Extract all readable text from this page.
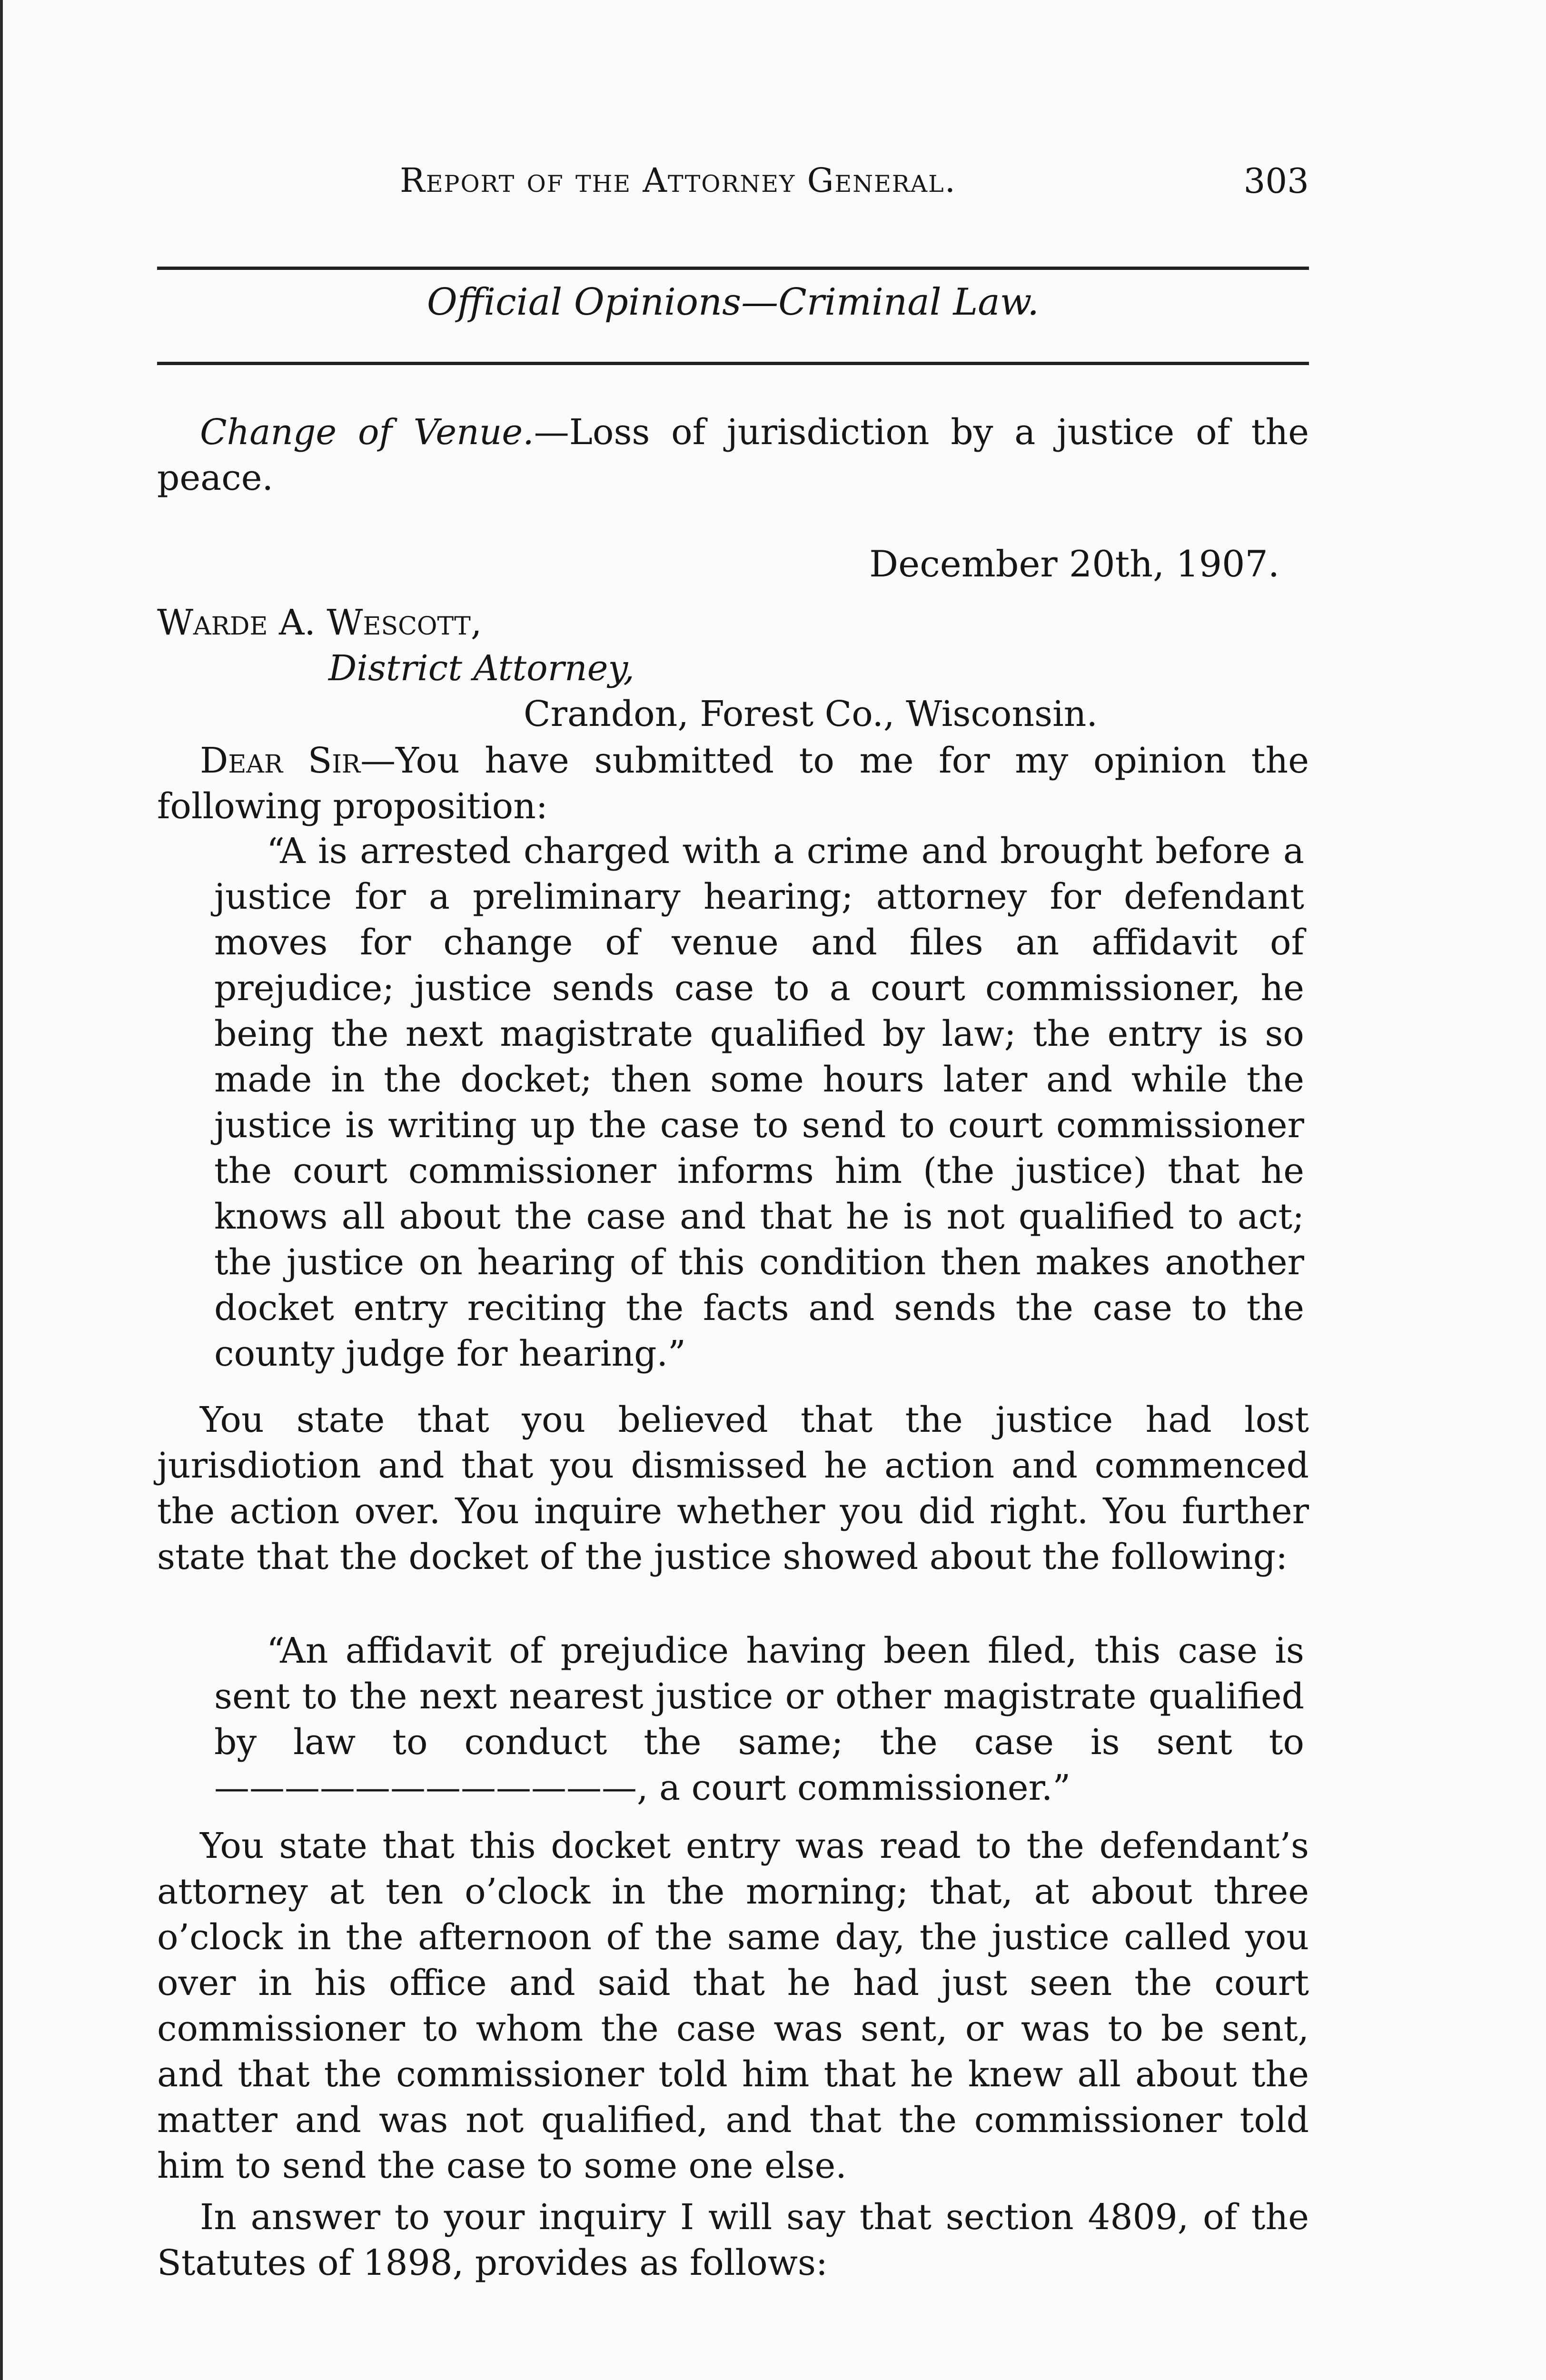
Report of the Attorney General.	303
Official Opinions—Criminal Law.
Change of Venue.—Loss of jurisdiction by a justice of the peace.
December 20th, 1907.
Warde A. Wescott,
District Attorney,
Crandon, Forest Co., Wisconsin.
Dear Sir—You have submitted to me for my opinion the following proposition:
“A is arrested charged with a crime and brought before a justice for a preliminary hearing; attorney for defendant moves for change of venue and files an affidavit of prejudice; justice sends case to a court commissioner, he being the next magistrate qualified by law; the entry is so made in the docket; then some hours later and while the justice is writing up the case to send to court commissioner the court commissioner informs him (the justice) that he knows all about the case and that he is not qualified to act; the justice on hearing of this condition then makes another docket entry reciting the facts and sends the case to the county judge for hearing.”
You state that you believed that the justice had lost jurisdiotion and that you dismissed he action and commenced the action over. You inquire whether you did right. You further state that the docket of the justice showed about the following:
“An affidavit of prejudice having been filed, this case is sent to the next nearest justice or other magistrate qualified by law to conduct the same; the case is sent to————————————, a court commissioner.”
You state that this docket entry was read to the defendant’s attorney at ten o’clock in the morning; that, at about three o’clock in the afternoon of the same day, the justice called you over in his office and said that he had just seen the court commissioner to whom the case was sent, or was to be sent, and that the commissioner told him that he knew all about the matter and was not qualified, and that the commissioner told him to send the case to some one else.
In answer to your inquiry I will say that section 4809, of the Statutes of 1898, provides as follows:
